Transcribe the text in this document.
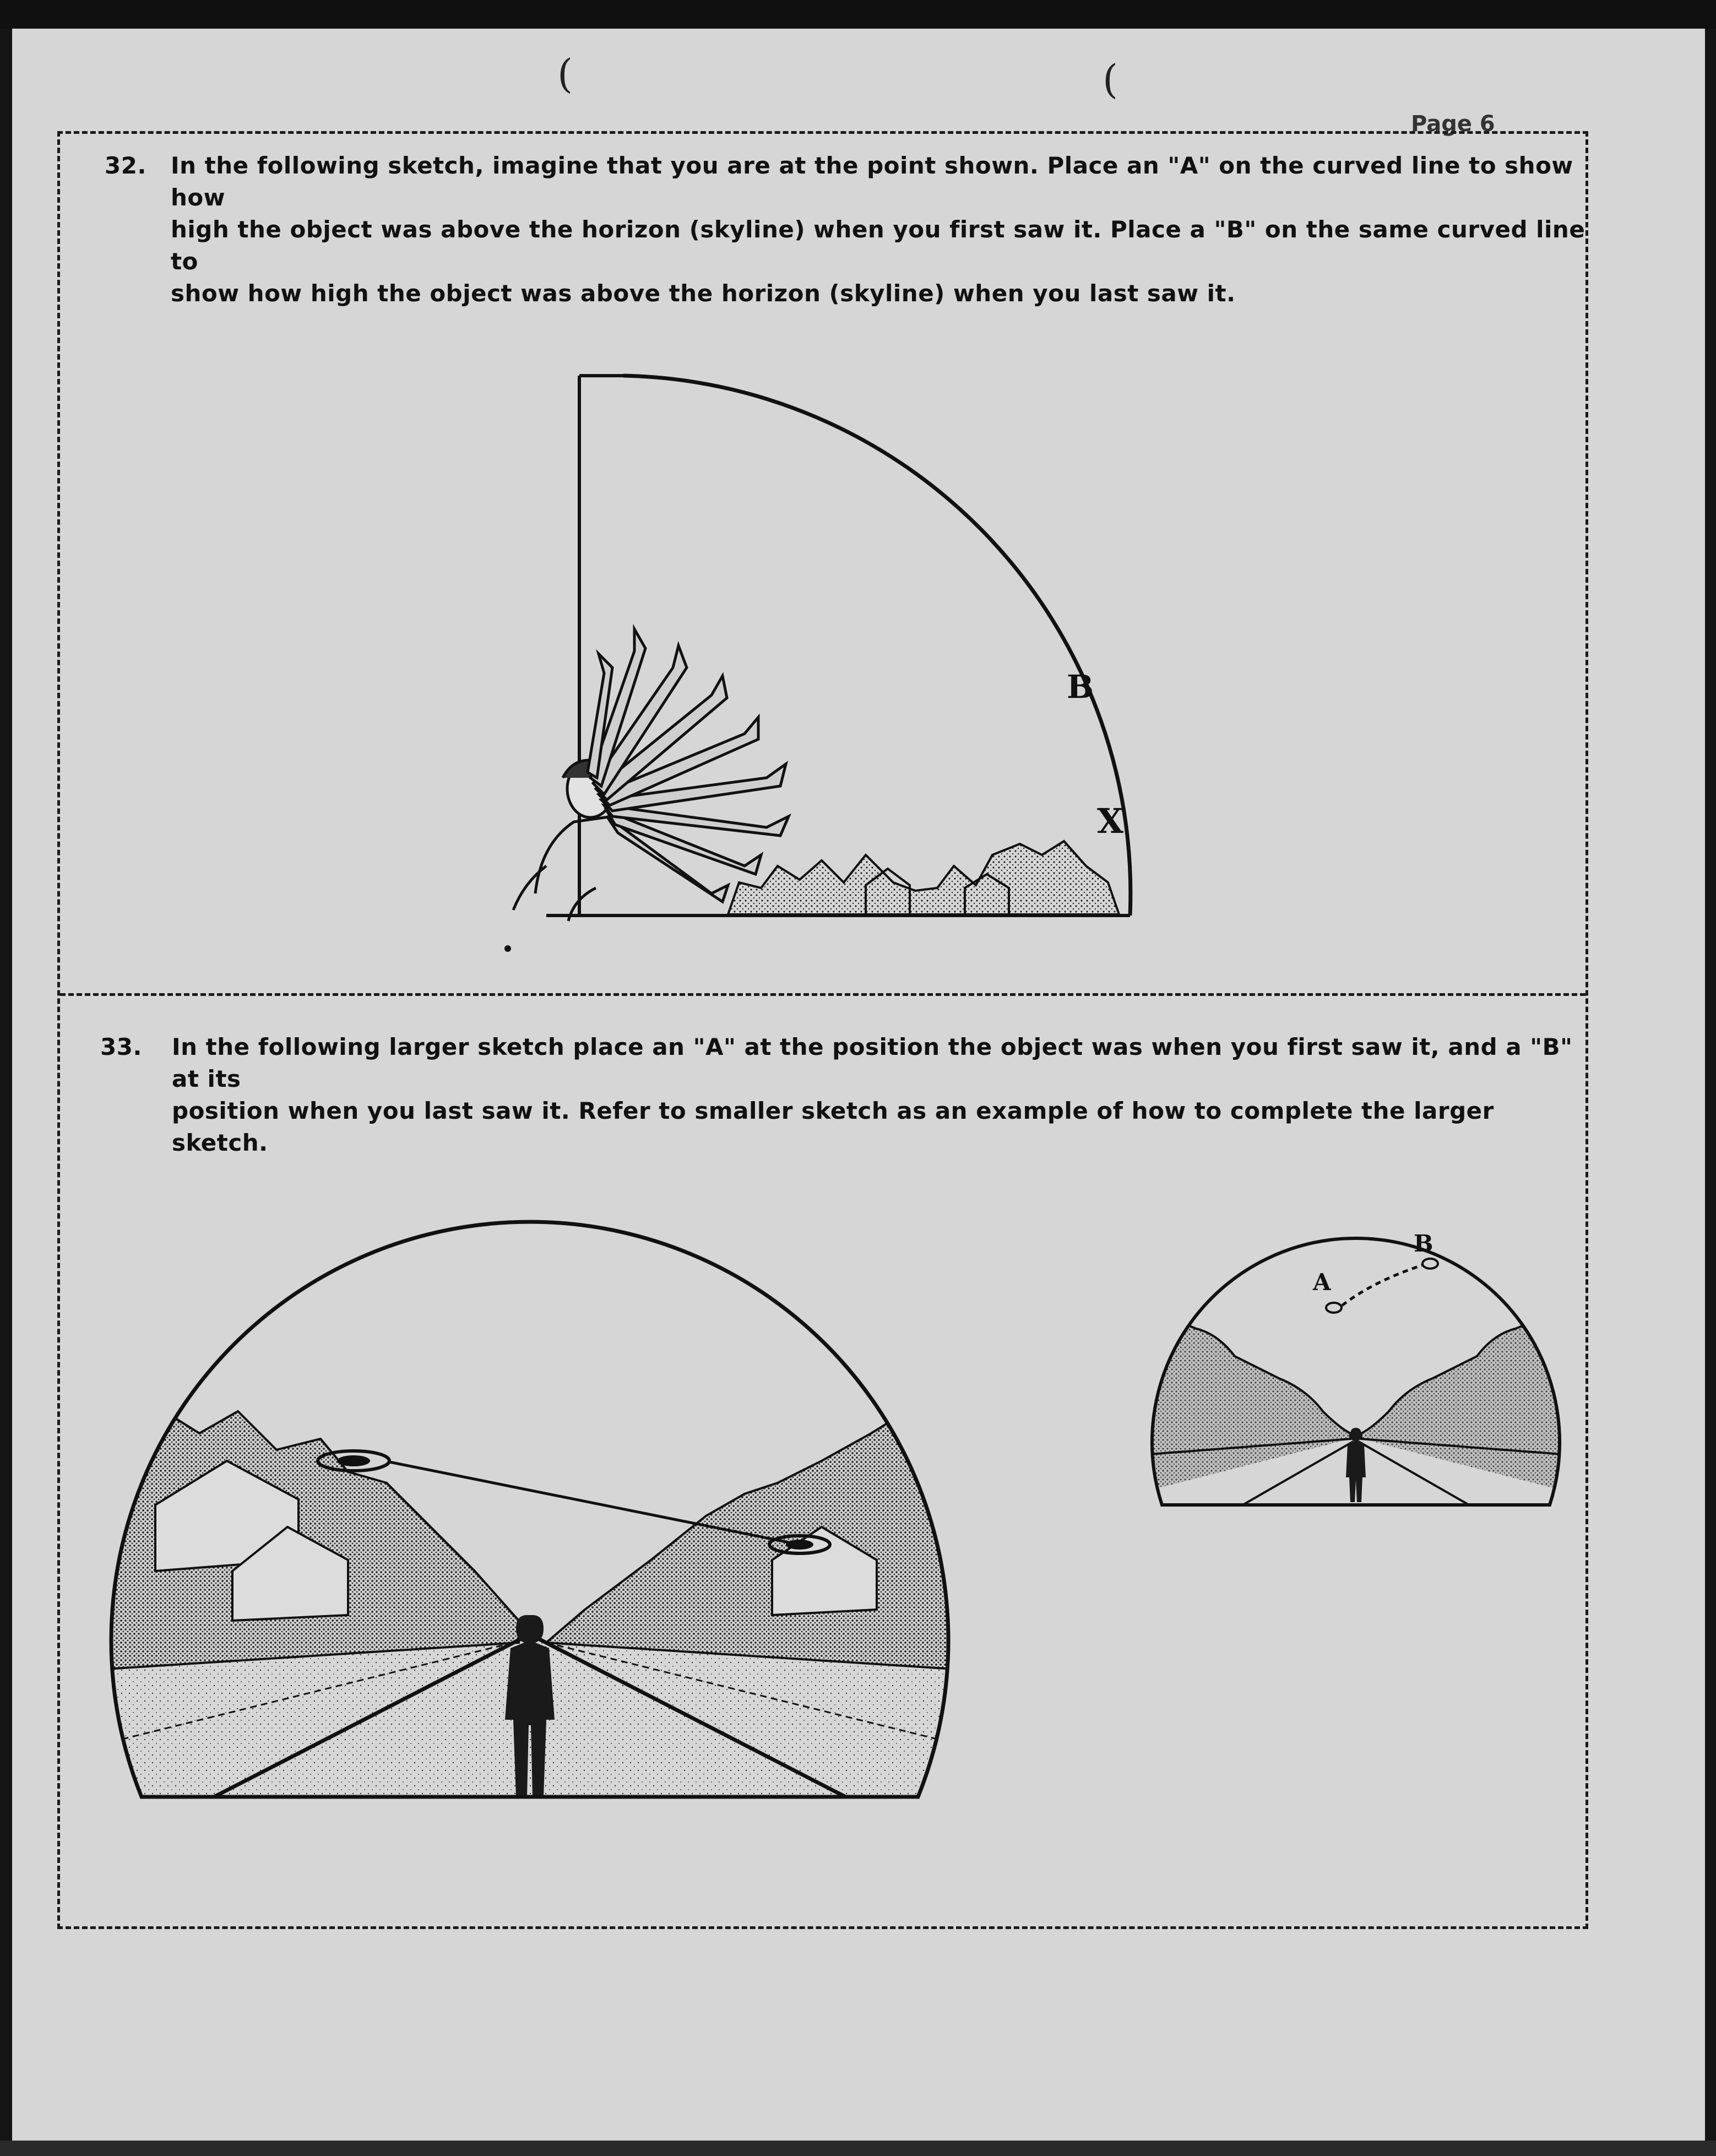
(	(
Page 6
32. In the following sketch, imagine that you are at the point shown. Place an "A" on the curved line to show how
high the object was above the horizon (skyline) when you first saw it. Place a "B" on the same curved line to
show how high the object was above the horizon (skyline) when you last saw it.
B
X
33. In the following larger sketch place an "A" at the position the object was when you first saw it, and a "B" at its
position when you last saw it. Refer to smaller sketch as an example of how to complete the larger sketch.
A
B
